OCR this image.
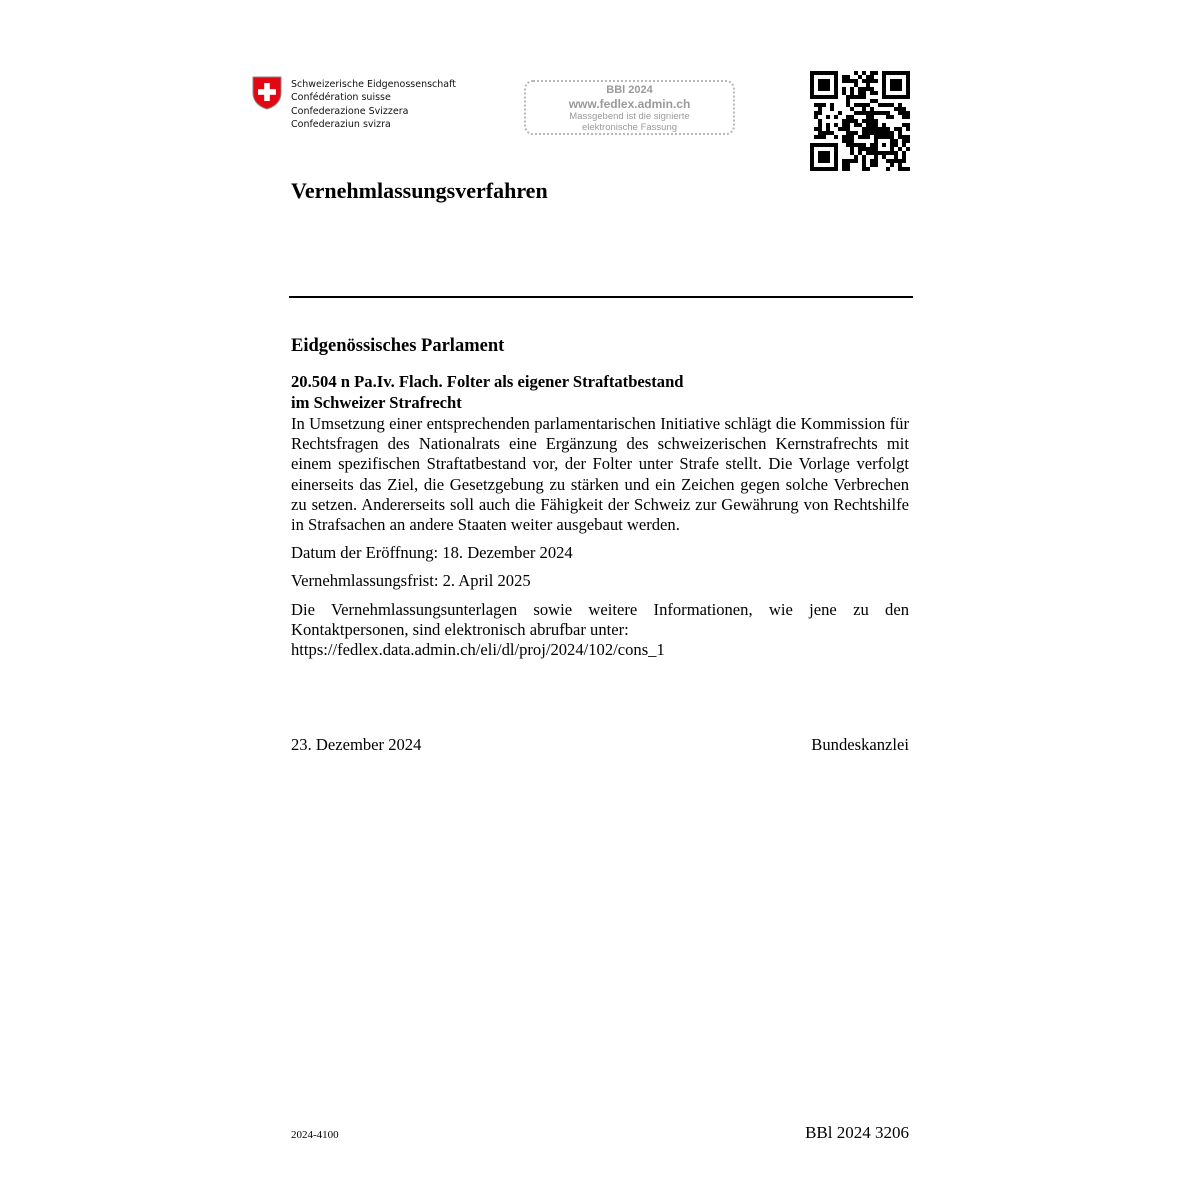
Schweizerische Eidgenossenschaft
Confédération suisse
Confederazione Svizzera
Confederaziun svizra
BBl 2024
www.fedlex.admin.ch
Massgebend ist die signierte
elektronische Fassung
Vernehmlassungsverfahren
Eidgenössisches Parlament
20.504 n Pa.Iv. Flach. Folter als eigener Straftatbestand
im Schweizer Strafrecht
In Umsetzung einer entsprechenden parlamentarischen Initiative schlägt die Kommission für Rechtsfragen des Nationalrats eine Ergänzung des schweizerischen Kernstrafrechts mit einem spezifischen Straftatbestand vor, der Folter unter Strafe stellt. Die Vorlage verfolgt einerseits das Ziel, die Gesetzgebung zu stärken und ein Zeichen gegen solche Verbrechen zu setzen. Andererseits soll auch die Fähigkeit der Schweiz zur Gewährung von Rechtshilfe in Strafsachen an andere Staaten weiter ausgebaut werden.
Datum der Eröffnung: 18. Dezember 2024
Vernehmlassungsfrist: 2. April 2025
Die Vernehmlassungsunterlagen sowie weitere Informationen, wie jene zu den Kontaktpersonen, sind elektronisch abrufbar unter:
https://fedlex.data.admin.ch/eli/dl/proj/2024/102/cons_1
23. Dezember 2024	Bundeskanzlei
2024-4100	BBl 2024 3206
